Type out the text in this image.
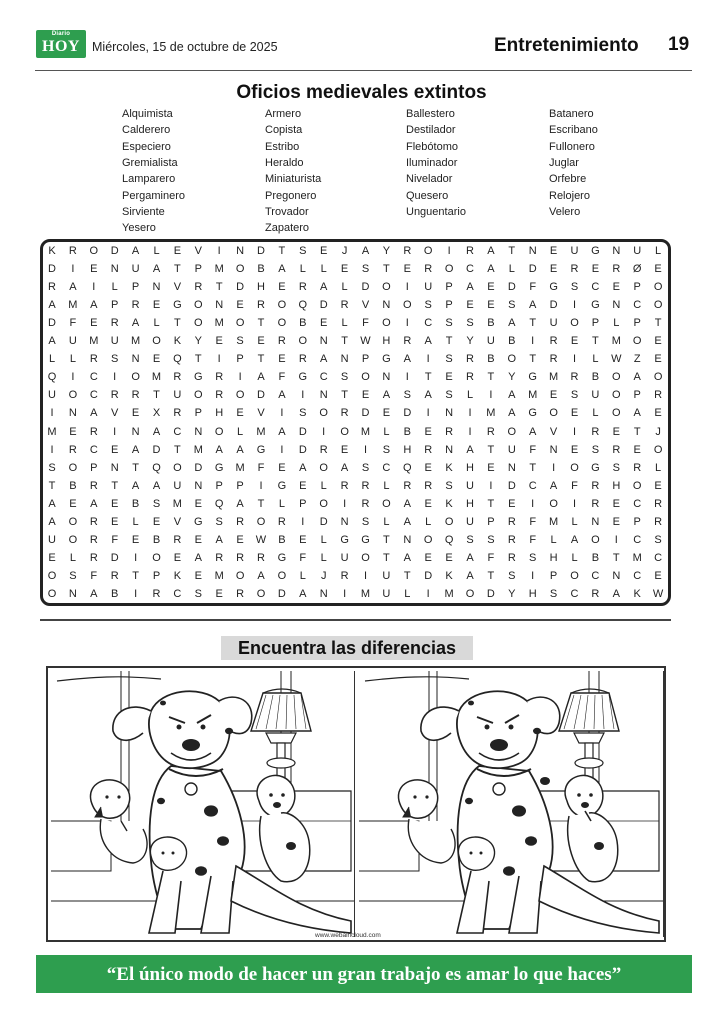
Diario
HOY Miércoles, 15 de octubre de 2025	Entretenimiento 19
Oficios medievales extintos
Alquimista
Calderero
Especiero
Gremialista
Lamparero
Pergaminero
Sirviente
Yesero
Armero
Copista
Estribo
Heraldo
Miniaturista
Pregonero
Trovador
Zapatero
Ballestero
Destilador
Flebótomo
Iluminador
Nivelador
Quesero
Unguentario
Batanero
Escribano
Fullonero
Juglar
Orfebre
Relojero
Velero
K	R	O	D	A	L	E	V	I	N	D	T	S	E	J	A	Y	R	O	I	R	A	T	N	E	U	G	N	U	L
D	I	E	N	U	A	T	P	M	O	B	A	L	L	E	S	T	E	R	O	C	A	L	D	E	R	E	R	Ø	E
R	A	I	L	P	N	V	R	T	D	H	E	R	A	L	D	O	I	U	P	A	E	D	F	G	S	C	E	P	O
A	M	A	P	R	E	G	O	N	E	R	O	Q	D	R	V	N	O	S	P	E	E	S	A	D	I	G	N	C	O
D	F	E	R	A	L	T	O	M	O	T	O	B	E	L	F	O	I	C	S	S	B	A	T	U	O	P	L	P	T
A	U	M	U	M	O	K	Y	E	S	E	R	O	N	T	W	H	R	A	T	Y	U	B	I	R	E	T	M	O	E
L	L	R	S	N	E	Q	T	I	P	T	E	R	A	N	P	G	A	I	S	R	B	O	T	R	I	L	W	Z	E
Q	I	C	I	O	M	R	G	R	I	A	F	G	C	S	O	N	I	T	E	R	T	Y	G	M	R	B	O	A	O
U	O	C	R	R	T	U	O	R	O	D	A	I	N	T	E	A	S	A	S	L	I	A	M	E	S	U	O	P	R
I	N	A	V	E	X	R	P	H	E	V	I	S	O	R	D	E	D	I	N	I	M	A	G	O	E	L	O	A	E
M	E	R	I	N	A	C	N	O	L	M	A	D	I	O	M	L	B	E	R	I	R	O	A	V	I	R	E	T	J
I	R	C	E	A	D	T	M	A	A	G	I	D	R	E	I	S	H	R	N	A	T	U	F	N	E	S	R	E	O
S	O	P	N	T	Q	O	D	G	M	F	E	A	O	A	S	C	Q	E	K	H	E	N	T	I	O	G	S	R	L
T	B	R	T	A	A	U	N	P	P	I	G	E	L	R	R	L	R	R	S	U	I	D	C	A	F	R	H	O	E
A	E	A	E	B	S	M	E	Q	A	T	L	P	O	I	R	O	A	E	K	H	T	E	I	O	I	R	E	C	R
A	O	R	E	L	E	V	G	S	R	O	R	I	D	N	S	L	A	L	O	U	P	R	F	M	L	N	E	P	R
U	O	R	F	E	B	R	E	A	E	W	B	E	L	G	G	T	N	O	Q	S	S	R	F	L	A	O	I	C	S
E	L	R	D	I	O	E	A	R	R	R	G	F	L	U	O	T	A	E	E	A	F	R	S	H	L	B	T	M	C
O	S	F	R	T	P	K	E	M	O	A	O	L	J	R	I	U	T	D	K	A	T	S	I	P	O	C	N	C	E
O	N	A	B	I	R	C	S	E	R	O	D	A	N	I	M	U	L	I	M	O	D	Y	H	S	C	R	A	K	W
Encuentra las diferencias
www.webaincloud.com
“El único modo de hacer un gran trabajo es amar lo que haces”
